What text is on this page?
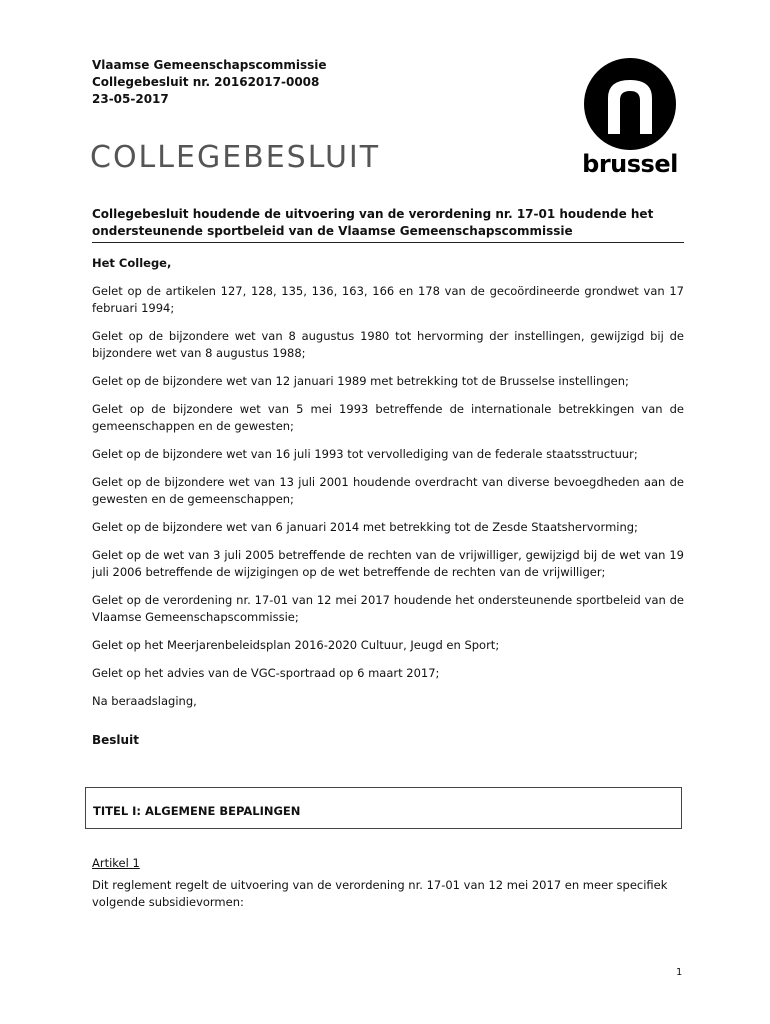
Vlaamse Gemeenschapscommissie
Collegebesluit nr. 20162017-0008
23-05-2017
brussel
COLLEGEBESLUIT
Collegebesluit houdende de uitvoering van de verordening nr. 17-01 houdende het ondersteunende sportbeleid van de Vlaamse Gemeenschapscommissie

Het College,

Gelet op de artikelen 127, 128, 135, 136, 163, 166 en 178 van de gecoördineerde grondwet van 17 februari 1994;

Gelet op de bijzondere wet van 8 augustus 1980 tot hervorming der instellingen, gewijzigd bij de bijzondere wet van 8 augustus 1988;

Gelet op de bijzondere wet van 12 januari 1989 met betrekking tot de Brusselse instellingen;

Gelet op de bijzondere wet van 5 mei 1993 betreffende de internationale betrekkingen van de gemeenschappen en de gewesten;

Gelet op de bijzondere wet van 16 juli 1993 tot vervollediging van de federale staatsstructuur;

Gelet op de bijzondere wet van 13 juli 2001 houdende overdracht van diverse bevoegdheden aan de gewesten en de gemeenschappen;

Gelet op de bijzondere wet van 6 januari 2014 met betrekking tot de Zesde Staatshervorming;

Gelet op de wet van 3 juli 2005 betreffende de rechten van de vrijwilliger, gewijzigd bij de wet van 19 juli 2006 betreffende de wijzigingen op de wet betreffende de rechten van de vrijwilliger;

Gelet op de verordening nr. 17-01 van 12 mei 2017 houdende het ondersteunende sportbeleid van de Vlaamse Gemeenschapscommissie;

Gelet op het Meerjarenbeleidsplan 2016-2020 Cultuur, Jeugd en Sport;

Gelet op het advies van de VGC-sportraad op 6 maart 2017;

Na beraadslaging,

Besluit
TITEL I: ALGEMENE BEPALINGEN
Artikel 1
Dit reglement regelt de uitvoering van de verordening nr. 17-01 van 12 mei 2017 en meer specifiek volgende subsidievormen:
1
